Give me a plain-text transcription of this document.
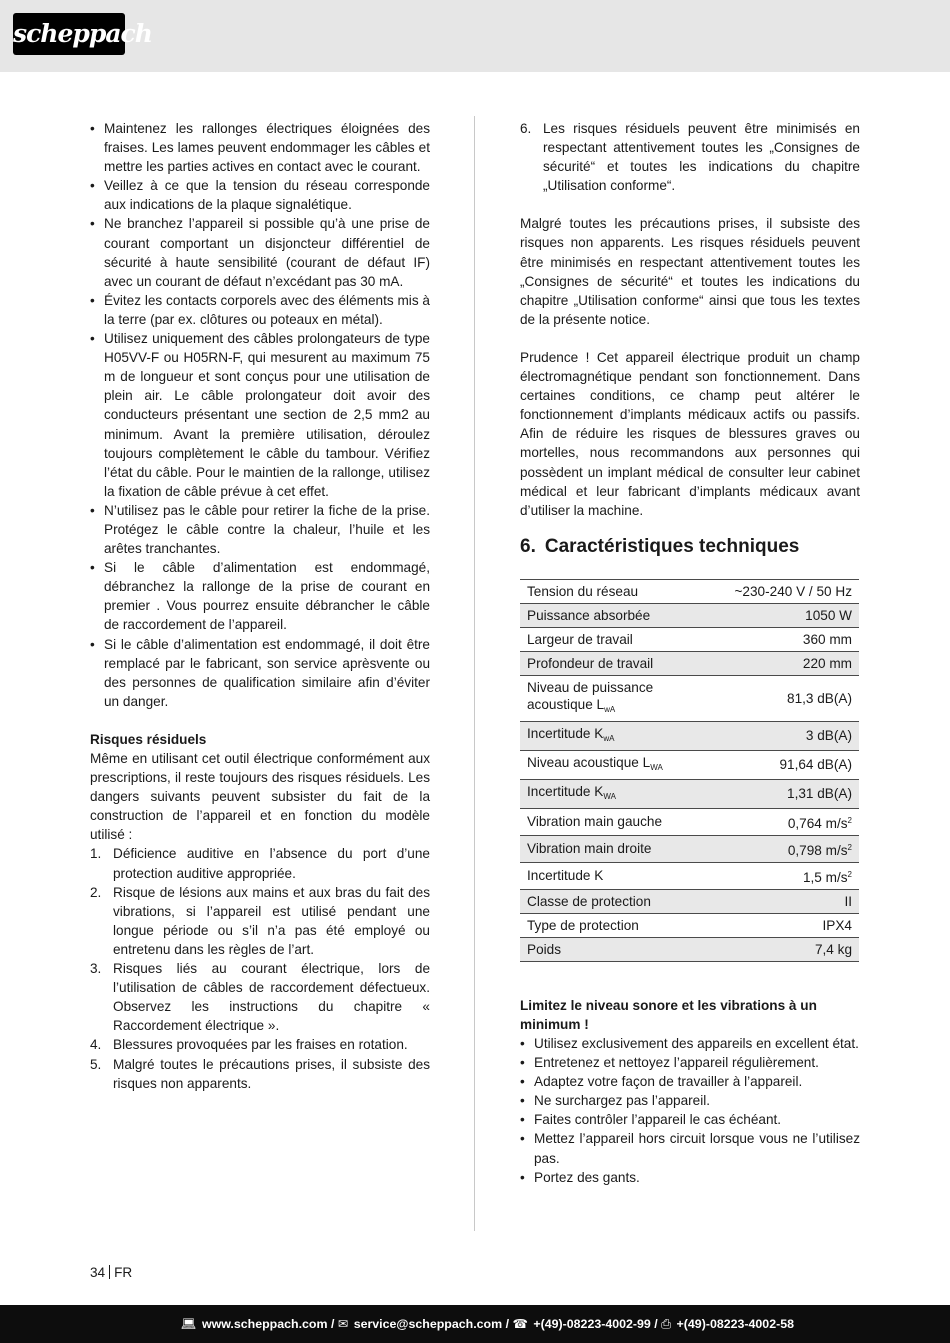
scheppach
• Maintenez les rallonges électriques éloignées des fraises. Les lames peuvent endommager les câbles et mettre les parties actives en contact avec le courant.
• Veillez à ce que la tension du réseau corresponde aux indications de la plaque signalétique.
• Ne branchez l’appareil si possible qu’à une prise de courant comportant un disjoncteur différentiel de sécurité à haute sensibilité (courant de défaut IF) avec un courant de défaut n’excédant pas 30 mA.
• Évitez les contacts corporels avec des éléments mis à la terre (par ex. clôtures ou poteaux en métal).
• Utilisez uniquement des câbles prolongateurs de type H05VV-F ou H05RN-F, qui mesurent au maximum 75 m de longueur et sont conçus pour une utilisation de plein air. Le câble prolongateur doit avoir des conducteurs présentant une section de 2,5 mm2 au minimum. Avant la première utilisation, déroulez toujours complètement le câble du tambour. Vérifiez l’état du câble. Pour le maintien de la rallonge, utilisez la fixation de câble prévue à cet effet.
• N’utilisez pas le câble pour retirer la fiche de la prise. Protégez le câble contre la chaleur, l’huile et les arêtes tranchantes.
• Si le câble d’alimentation est endommagé, débranchez la rallonge de la prise de courant en premier . Vous pourrez ensuite débrancher le câble de raccordement de l’appareil.
• Si le câble d’alimentation est endommagé, il doit être remplacé par le fabricant, son service aprèsvente ou des personnes de qualification similaire afin d’éviter un danger.
Risques résiduels

Même en utilisant cet outil électrique conformément aux prescriptions, il reste toujours des risques résiduels. Les dangers suivants peuvent subsister du fait de la construction de l’appareil et en fonction du modèle utilisé :

1. Déficience auditive en l’absence du port d’une protection auditive appropriée.
2. Risque de lésions aux mains et aux bras du fait des vibrations, si l’appareil est utilisé pendant une longue période ou s’il n’a pas été employé ou entretenu dans les règles de l’art.
3. Risques liés au courant électrique, lors de l’utilisation de câbles de raccordement défectueux. Observez les instructions du chapitre « Raccordement électrique ».
4. Blessures provoquées par les fraises en rotation.
5. Malgré toutes le précautions prises, il subsiste des risques non apparents.
6. Les risques résiduels peuvent être minimisés en respectant attentivement toutes les „Consignes de sécurité“ et toutes les indications du chapitre „Utilisation conforme“.

Malgré toutes les précautions prises, il subsiste des risques non apparents. Les risques résiduels peuvent être minimisés en respectant attentivement toutes les „Consignes de sécurité“ et toutes les indications du chapitre „Utilisation conforme“ ainsi que tous les textes de la présente notice.

Prudence ! Cet appareil électrique produit un champ électromagnétique pendant son fonctionnement. Dans certaines conditions, ce champ peut altérer le fonctionnement d’implants médicaux actifs ou passifs. Afin de réduire les risques de blessures graves ou mortelles, nous recommandons aux personnes qui possèdent un implant médical de consulter leur cabinet médical et leur fabricant d’implants médicaux avant d’utiliser la machine.

6. Caractéristiques techniques
Tension du réseau	~230-240 V / 50 Hz
Puissance absorbée	1050 W
Largeur de travail	360 mm
Profondeur de travail	220 mm
Niveau de puissance acoustique $L_{wA}$	81,3 dB(A)
Incertitude $K_{wA}$	3 dB(A)
Niveau acoustique $L_{WA}$	91,64 dB(A)
Incertitude $K_{WA}$	1,31 dB(A)
Vibration main gauche	0,764 $m/s^2$
Vibration main droite	0,798 $m/s^2$
Incertitude K	1,5 $m/s^2$
Classe de protection	II
Type de protection	IPX4
Poids	7,4 kg
Limitez le niveau sonore et les vibrations à un minimum !
• Utilisez exclusivement des appareils en excellent état.
• Entretenez et nettoyez l’appareil régulièrement.
• Adaptez votre façon de travailler à l’appareil.
• Ne surchargez pas l’appareil.
• Faites contrôler l’appareil le cas échéant.
• Mettez l’appareil hors circuit lorsque vous ne l’utilisez pas.
• Portez des gants.
34 FR
💻︎ www.scheppach.com / ✉︎ service@scheppach.com / ☎︎ +(49)-08223-4002-99 / ⎙ +(49)-08223-4002-58
